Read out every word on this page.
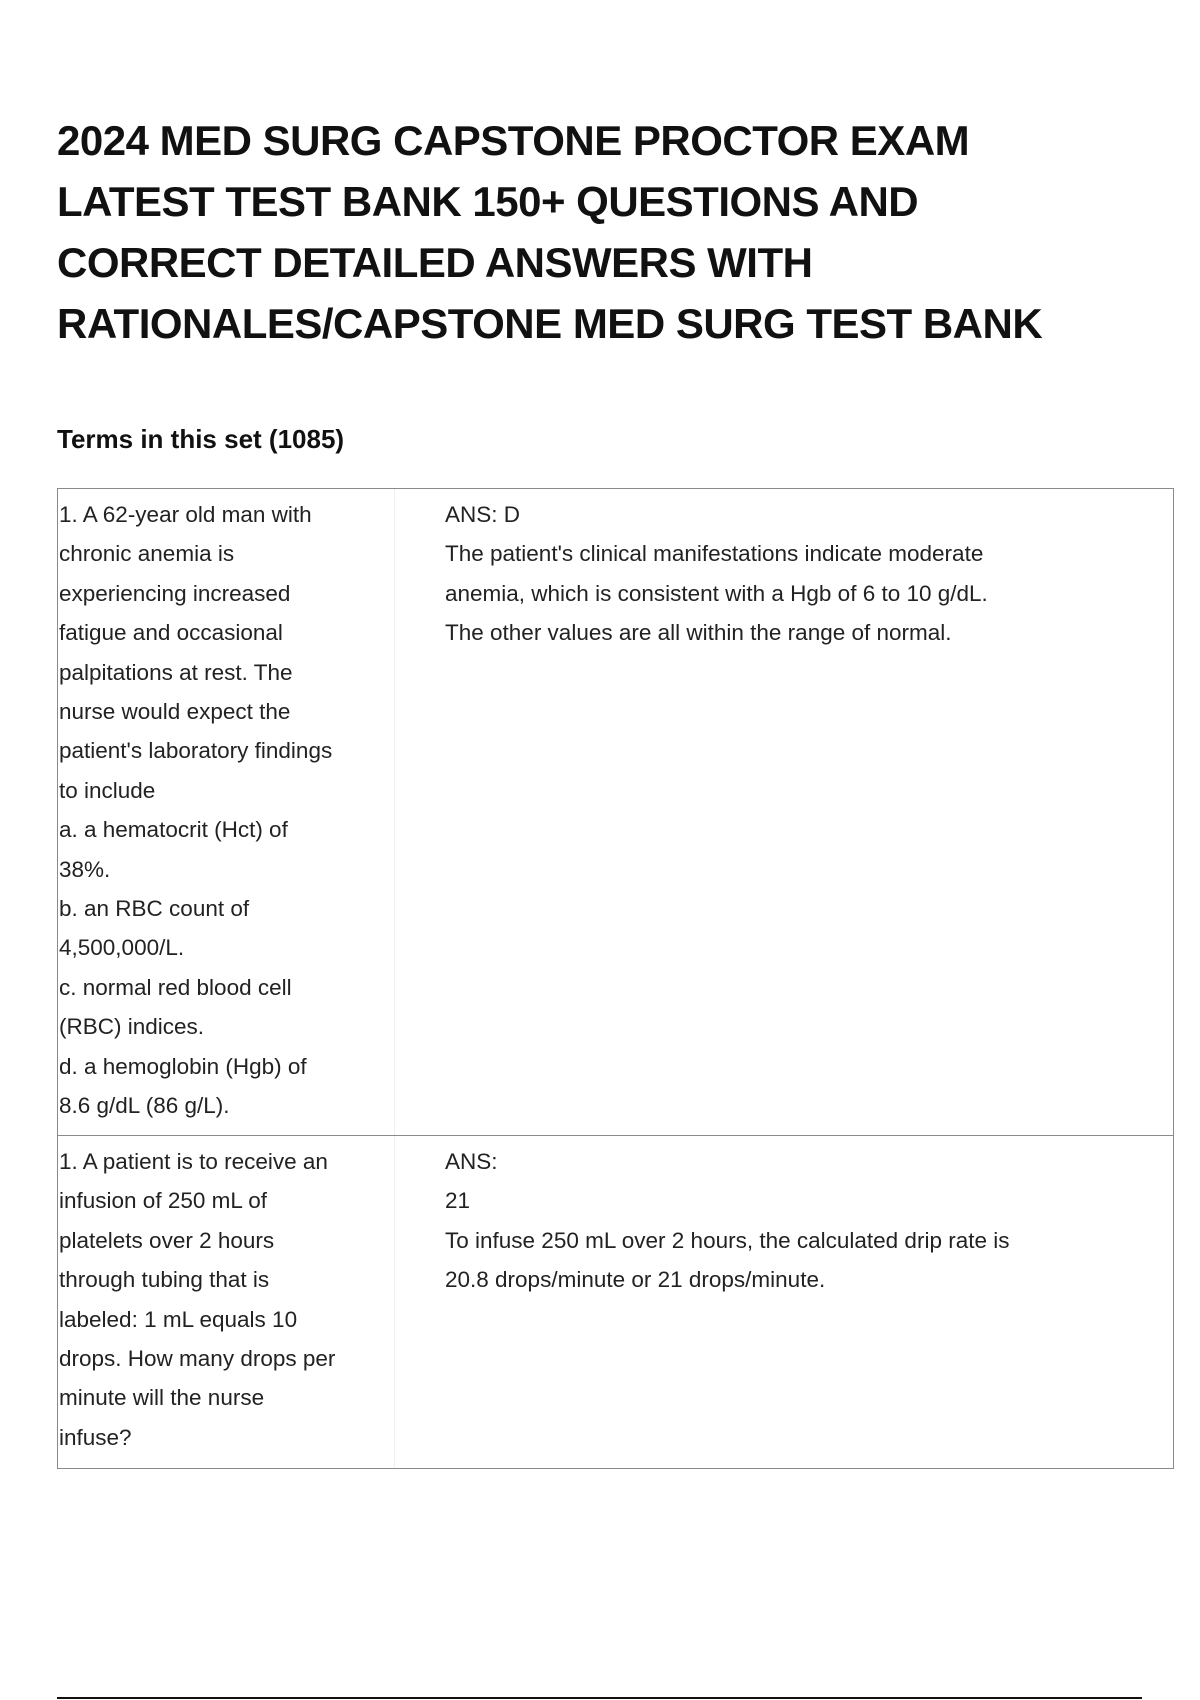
2024 MED SURG CAPSTONE PROCTOR EXAM
LATEST TEST BANK 150+ QUESTIONS AND
CORRECT DETAILED ANSWERS WITH
RATIONALES/CAPSTONE MED SURG TEST BANK
Terms in this set (1085)
1. A 62-year old man with
chronic anemia is
experiencing increased
fatigue and occasional
palpitations at rest. The
nurse would expect the
patient's laboratory findings
to include
a. a hematocrit (Hct) of
38%.
b. an RBC count of
4,500,000/L.
c. normal red blood cell
(RBC) indices.
d. a hemoglobin (Hgb) of
8.6 g/dL (86 g/L).
ANS: D
The patient's clinical manifestations indicate moderate
anemia, which is consistent with a Hgb of 6 to 10 g/dL.
The other values are all within the range of normal.
1. A patient is to receive an
infusion of 250 mL of
platelets over 2 hours
through tubing that is
labeled: 1 mL equals 10
drops. How many drops per
minute will the nurse
infuse?
ANS:
21
To infuse 250 mL over 2 hours, the calculated drip rate is
20.8 drops/minute or 21 drops/minute.
